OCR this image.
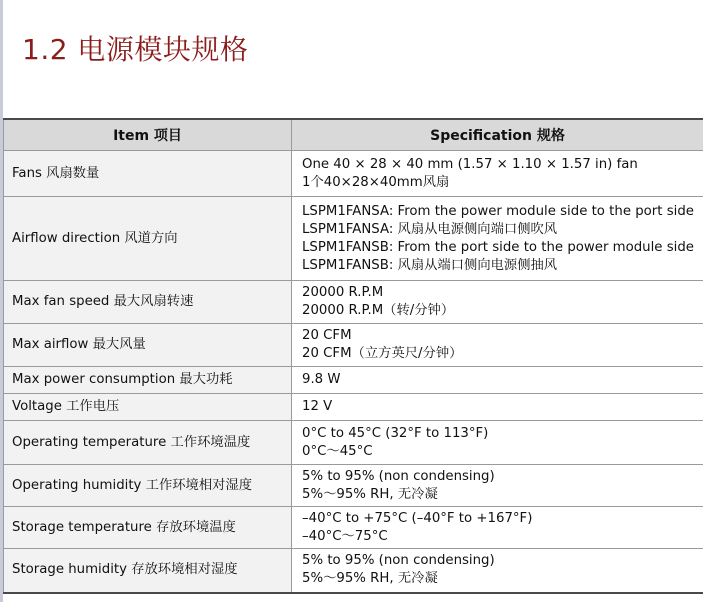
1.2 电源模块规格
Item 项目	Specification 规格
Fans 风扇数量	One 40 × 28 × 40 mm (1.57 × 1.10 × 1.57 in) fan
1个40×28×40mm风扇

Airflow direction 风道方向	LSPM1FANSA: From the power module side to the port side
LSPM1FANSA: 风扇从电源侧向端口侧吹风
LSPM1FANSB: From the port side to the power module side
LSPM1FANSB: 风扇从端口侧向电源侧抽风

Max fan speed 最大风扇转速	20000 R.P.M
20000 R.P.M（转/分钟）

Max airflow 最大风量	20 CFM
20 CFM（立方英尺/分钟）

Max power consumption 最大功耗	9.8 W

Voltage 工作电压	12 V

Operating temperature 工作环境温度	0°C to 45°C (32°F to 113°F)
0°C～45°C

Operating humidity 工作环境相对湿度	5% to 95% (non condensing)
5%～95% RH, 无冷凝

Storage temperature 存放环境温度	–40°C to +75°C (–40°F to +167°F)
–40°C～75°C

Storage humidity 存放环境相对湿度	5% to 95% (non condensing)
5%～95% RH, 无冷凝
